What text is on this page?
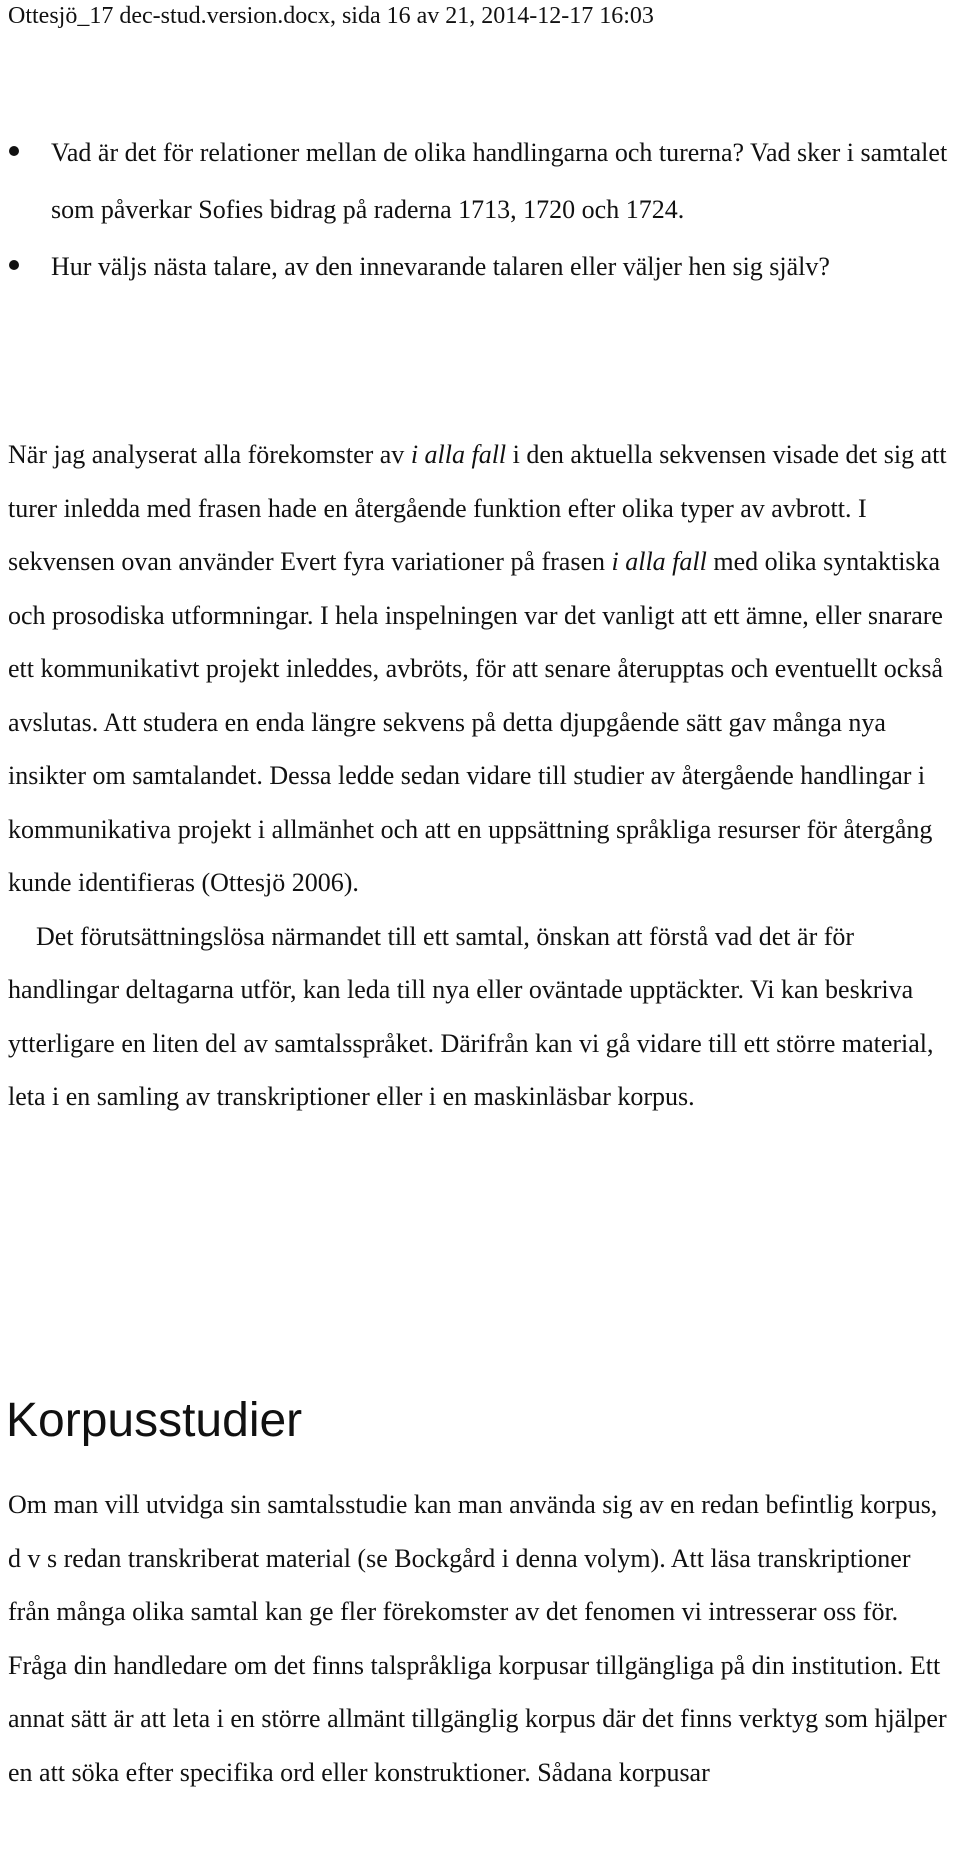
Ottesjö_17 dec-stud.version.docx, sida 16 av 21, 2014-12-17 16:03
Vad är det för relationer mellan de olika handlingarna och turerna? Vad sker i samtalet som påverkar Sofies bidrag på raderna 1713, 1720 och 1724.
Hur väljs nästa talare, av den innevarande talaren eller väljer hen sig själv?

När jag analyserat alla förekomster av i alla fall i den aktuella sekvensen visade det sig att turer inledda med frasen hade en återgående funktion efter olika typer av avbrott. I sekvensen ovan använder Evert fyra variationer på frasen i alla fall med olika syntaktiska och prosodiska utformningar. I hela inspelningen var det vanligt att ett ämne, eller snarare ett kommunikativt projekt inleddes, avbröts, för att senare återupptas och eventuellt också avslutas. Att studera en enda längre sekvens på detta djupgående sätt gav många nya insikter om samtalandet. Dessa ledde sedan vidare till studier av återgående handlingar i kommunikativa projekt i allmänhet och att en uppsättning språkliga resurser för återgång kunde identifieras (Ottesjö 2006).

Det förutsättningslösa närmandet till ett samtal, önskan att förstå vad det är för handlingar deltagarna utför, kan leda till nya eller oväntade upptäckter. Vi kan beskriva ytterligare en liten del av samtalsspråket. Därifrån kan vi gå vidare till ett större material, leta i en samling av transkriptioner eller i en maskinläsbar korpus.

Korpusstudier

Om man vill utvidga sin samtalsstudie kan man använda sig av en redan befintlig korpus, d v s redan transkriberat material (se Bockgård i denna volym). Att läsa transkriptioner från många olika samtal kan ge fler förekomster av det fenomen vi intresserar oss för. Fråga din handledare om det finns talspråkliga korpusar tillgängliga på din institution. Ett annat sätt är att leta i en större allmänt tillgänglig korpus där det finns verktyg som hjälper en att söka efter specifika ord eller konstruktioner. Sådana korpusar
